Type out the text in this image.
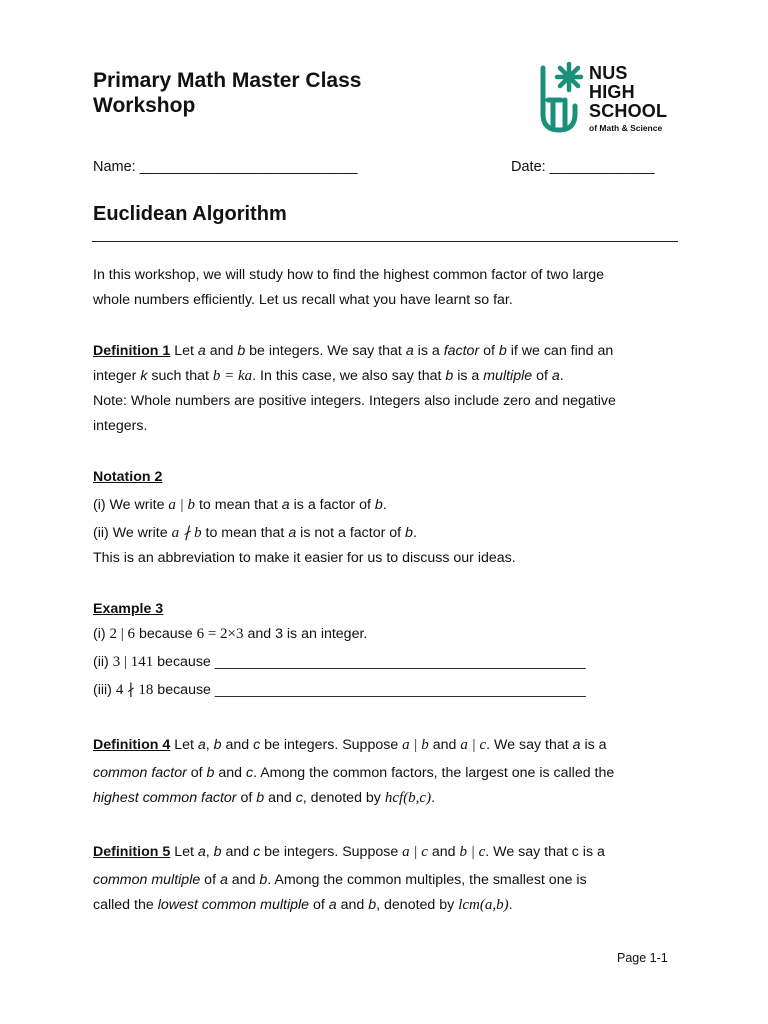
Primary Math Master Class
Workshop
NUS
HIGH
SCHOOL
of Math & Science
Name: ___________________________	Date: _____________
Euclidean Algorithm
In this workshop, we will study how to find the highest common factor of two large
whole numbers efficiently. Let us recall what you have learnt so far.
Definition 1 Let a and b be integers. We say that a is a factor of b if we can find an
integer k such that b = ka. In this case, we also say that b is a multiple of a.
Note: Whole numbers are positive integers. Integers also include zero and negative
integers.
Notation 2
(i) We write a | b to mean that a is a factor of b.
(ii) We write a ∤ b to mean that a is not a factor of b.
This is an abbreviation to make it easier for us to discuss our ideas.
Example 3
(i) 2 | 6 because 6 = 2×3 and 3 is an integer.
(ii) 3 | 141 because _______________________________________________
(iii) 4 ∤ 18 because _______________________________________________
Definition 4 Let a, b and c be integers. Suppose a | b and a | c. We say that a is a
common factor of b and c. Among the common factors, the largest one is called the
highest common factor of b and c, denoted by hcf(b,c).
Definition 5 Let a, b and c be integers. Suppose a | c and b | c. We say that c is a
common multiple of a and b. Among the common multiples, the smallest one is
called the lowest common multiple of a and b, denoted by lcm(a,b).
Page 1-1
